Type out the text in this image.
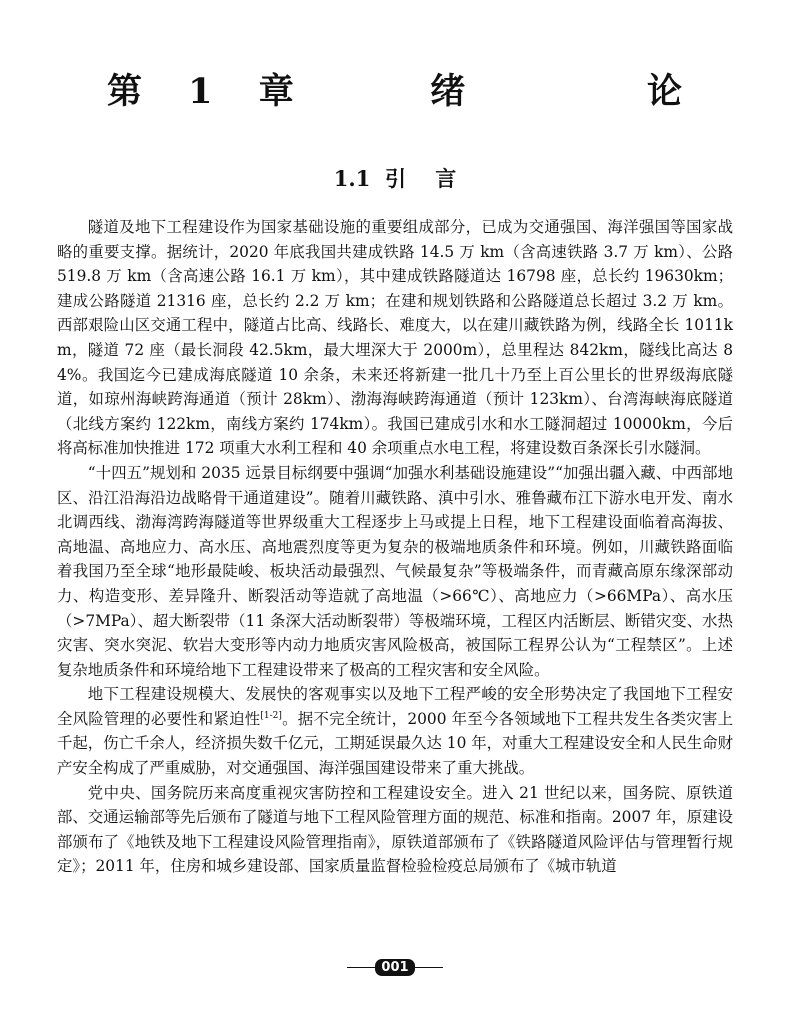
第 1 章   绪    论
1.1  引    言

隧道及地下工程建设作为国家基础设施的重要组成部分，已成为交通强国、海洋强国等国家战略的重要支撑。据统计，2020 年底我国共建成铁路 14.5 万 km（含高速铁路 3.7 万 km）、公路 519.8 万 km（含高速公路 16.1 万 km），其中建成铁路隧道达 16798 座，总长约 19630km；建成公路隧道 21316 座，总长约 2.2 万 km；在建和规划铁路和公路隧道总长超过 3.2 万 km。西部艰险山区交通工程中，隧道占比高、线路长、难度大，以在建川藏铁路为例，线路全长 1011km，隧道 72 座（最长洞段 42.5km，最大埋深大于 2000m），总里程达 842km，隧线比高达 84%。我国迄今已建成海底隧道 10 余条，未来还将新建一批几十乃至上百公里长的世界级海底隧道，如琼州海峡跨海通道（预计 28km）、渤海海峡跨海通道（预计 123km）、台湾海峡海底隧道（北线方案约 122km，南线方案约 174km）。我国已建成引水和水工隧洞超过 10000km，今后将高标准加快推进 172 项重大水利工程和 40 余项重点水电工程，将建设数百条深长引水隧洞。

“十四五”规划和 2035 远景目标纲要中强调“加强水利基础设施建设”“加强出疆入藏、中西部地区、沿江沿海沿边战略骨干通道建设”。随着川藏铁路、滇中引水、雅鲁藏布江下游水电开发、南水北调西线、渤海湾跨海隧道等世界级重大工程逐步上马或提上日程，地下工程建设面临着高海拔、高地温、高地应力、高水压、高地震烈度等更为复杂的极端地质条件和环境。例如，川藏铁路面临着我国乃至全球“地形最陡峻、板块活动最强烈、气候最复杂”等极端条件，而青藏高原东缘深部动力、构造变形、差异隆升、断裂活动等造就了高地温（>66℃）、高地应力（>66MPa）、高水压（>7MPa）、超大断裂带（11 条深大活动断裂带）等极端环境，工程区内活断层、断错灾变、水热灾害、突水突泥、软岩大变形等内动力地质灾害风险极高，被国际工程界公认为“工程禁区”。上述复杂地质条件和环境给地下工程建设带来了极高的工程灾害和安全风险。

地下工程建设规模大、发展快的客观事实以及地下工程严峻的安全形势决定了我国地下工程安全风险管理的必要性和紧迫性[1-2]。据不完全统计，2000 年至今各领域地下工程共发生各类灾害上千起，伤亡千余人，经济损失数千亿元，工期延误最久达 10 年，对重大工程建设安全和人民生命财产安全构成了严重威胁，对交通强国、海洋强国建设带来了重大挑战。

党中央、国务院历来高度重视灾害防控和工程建设安全。进入 21 世纪以来，国务院、原铁道部、交通运输部等先后颁布了隧道与地下工程风险管理方面的规范、标准和指南。2007 年，原建设部颁布了《地铁及地下工程建设风险管理指南》，原铁道部颁布了《铁路隧道风险评估与管理暂行规定》；2011 年，住房和城乡建设部、国家质量监督检验检疫总局颁布了《城市轨道

001
